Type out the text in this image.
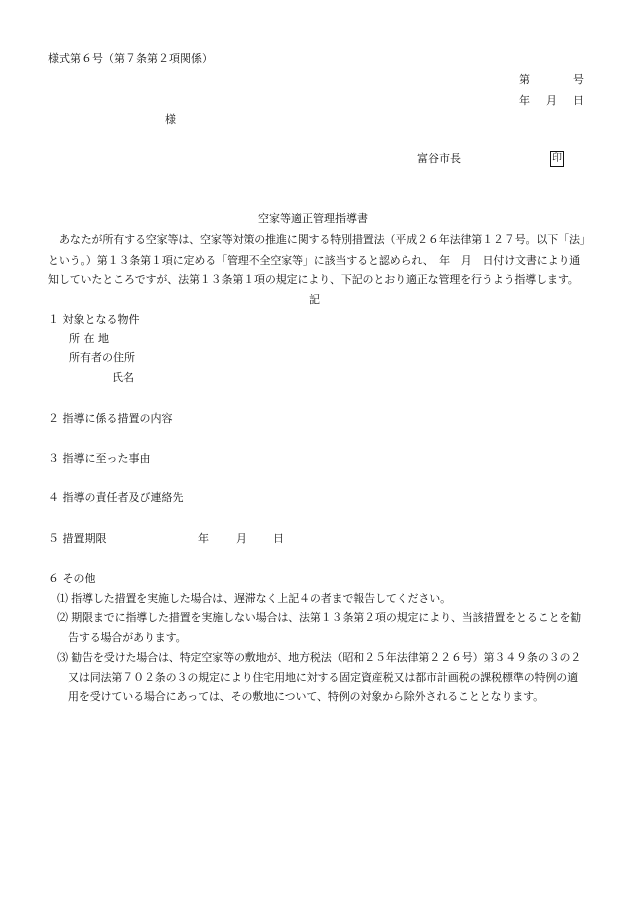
様式第６号（第７条第２項関係）
第	号
年 月 日
様
富谷市長	印
空家等適正管理指導書
あなたが所有する空家等は、空家等対策の推進に関する特別措置法（平成２６年法律第１２７号。以下「法」
という。）第１３条第１項に定める「管理不全空家等」に該当すると認められ、　年　月　日付け文書により通
知していたところですが、法第１３条第１項の規定により、下記のとおり適正な管理を行うよう指導します。
記
１ 対象となる物件
所 在 地
所有者の住所
氏名
２ 指導に係る措置の内容
３ 指導に至った事由
４ 指導の責任者及び連絡先
５ 措置期限	年 月 日
６ その他
⑴ 指導した措置を実施した場合は、遅滞なく上記４の者まで報告してください。
⑵ 期限までに指導した措置を実施しない場合は、法第１３条第２項の規定により、当該措置をとることを勧
告する場合があります。
⑶ 勧告を受けた場合は、特定空家等の敷地が、地方税法（昭和２５年法律第２２６号）第３４９条の３の２
又は同法第７０２条の３の規定により住宅用地に対する固定資産税又は都市計画税の課税標準の特例の適
用を受けている場合にあっては、その敷地について、特例の対象から除外されることとなります。
